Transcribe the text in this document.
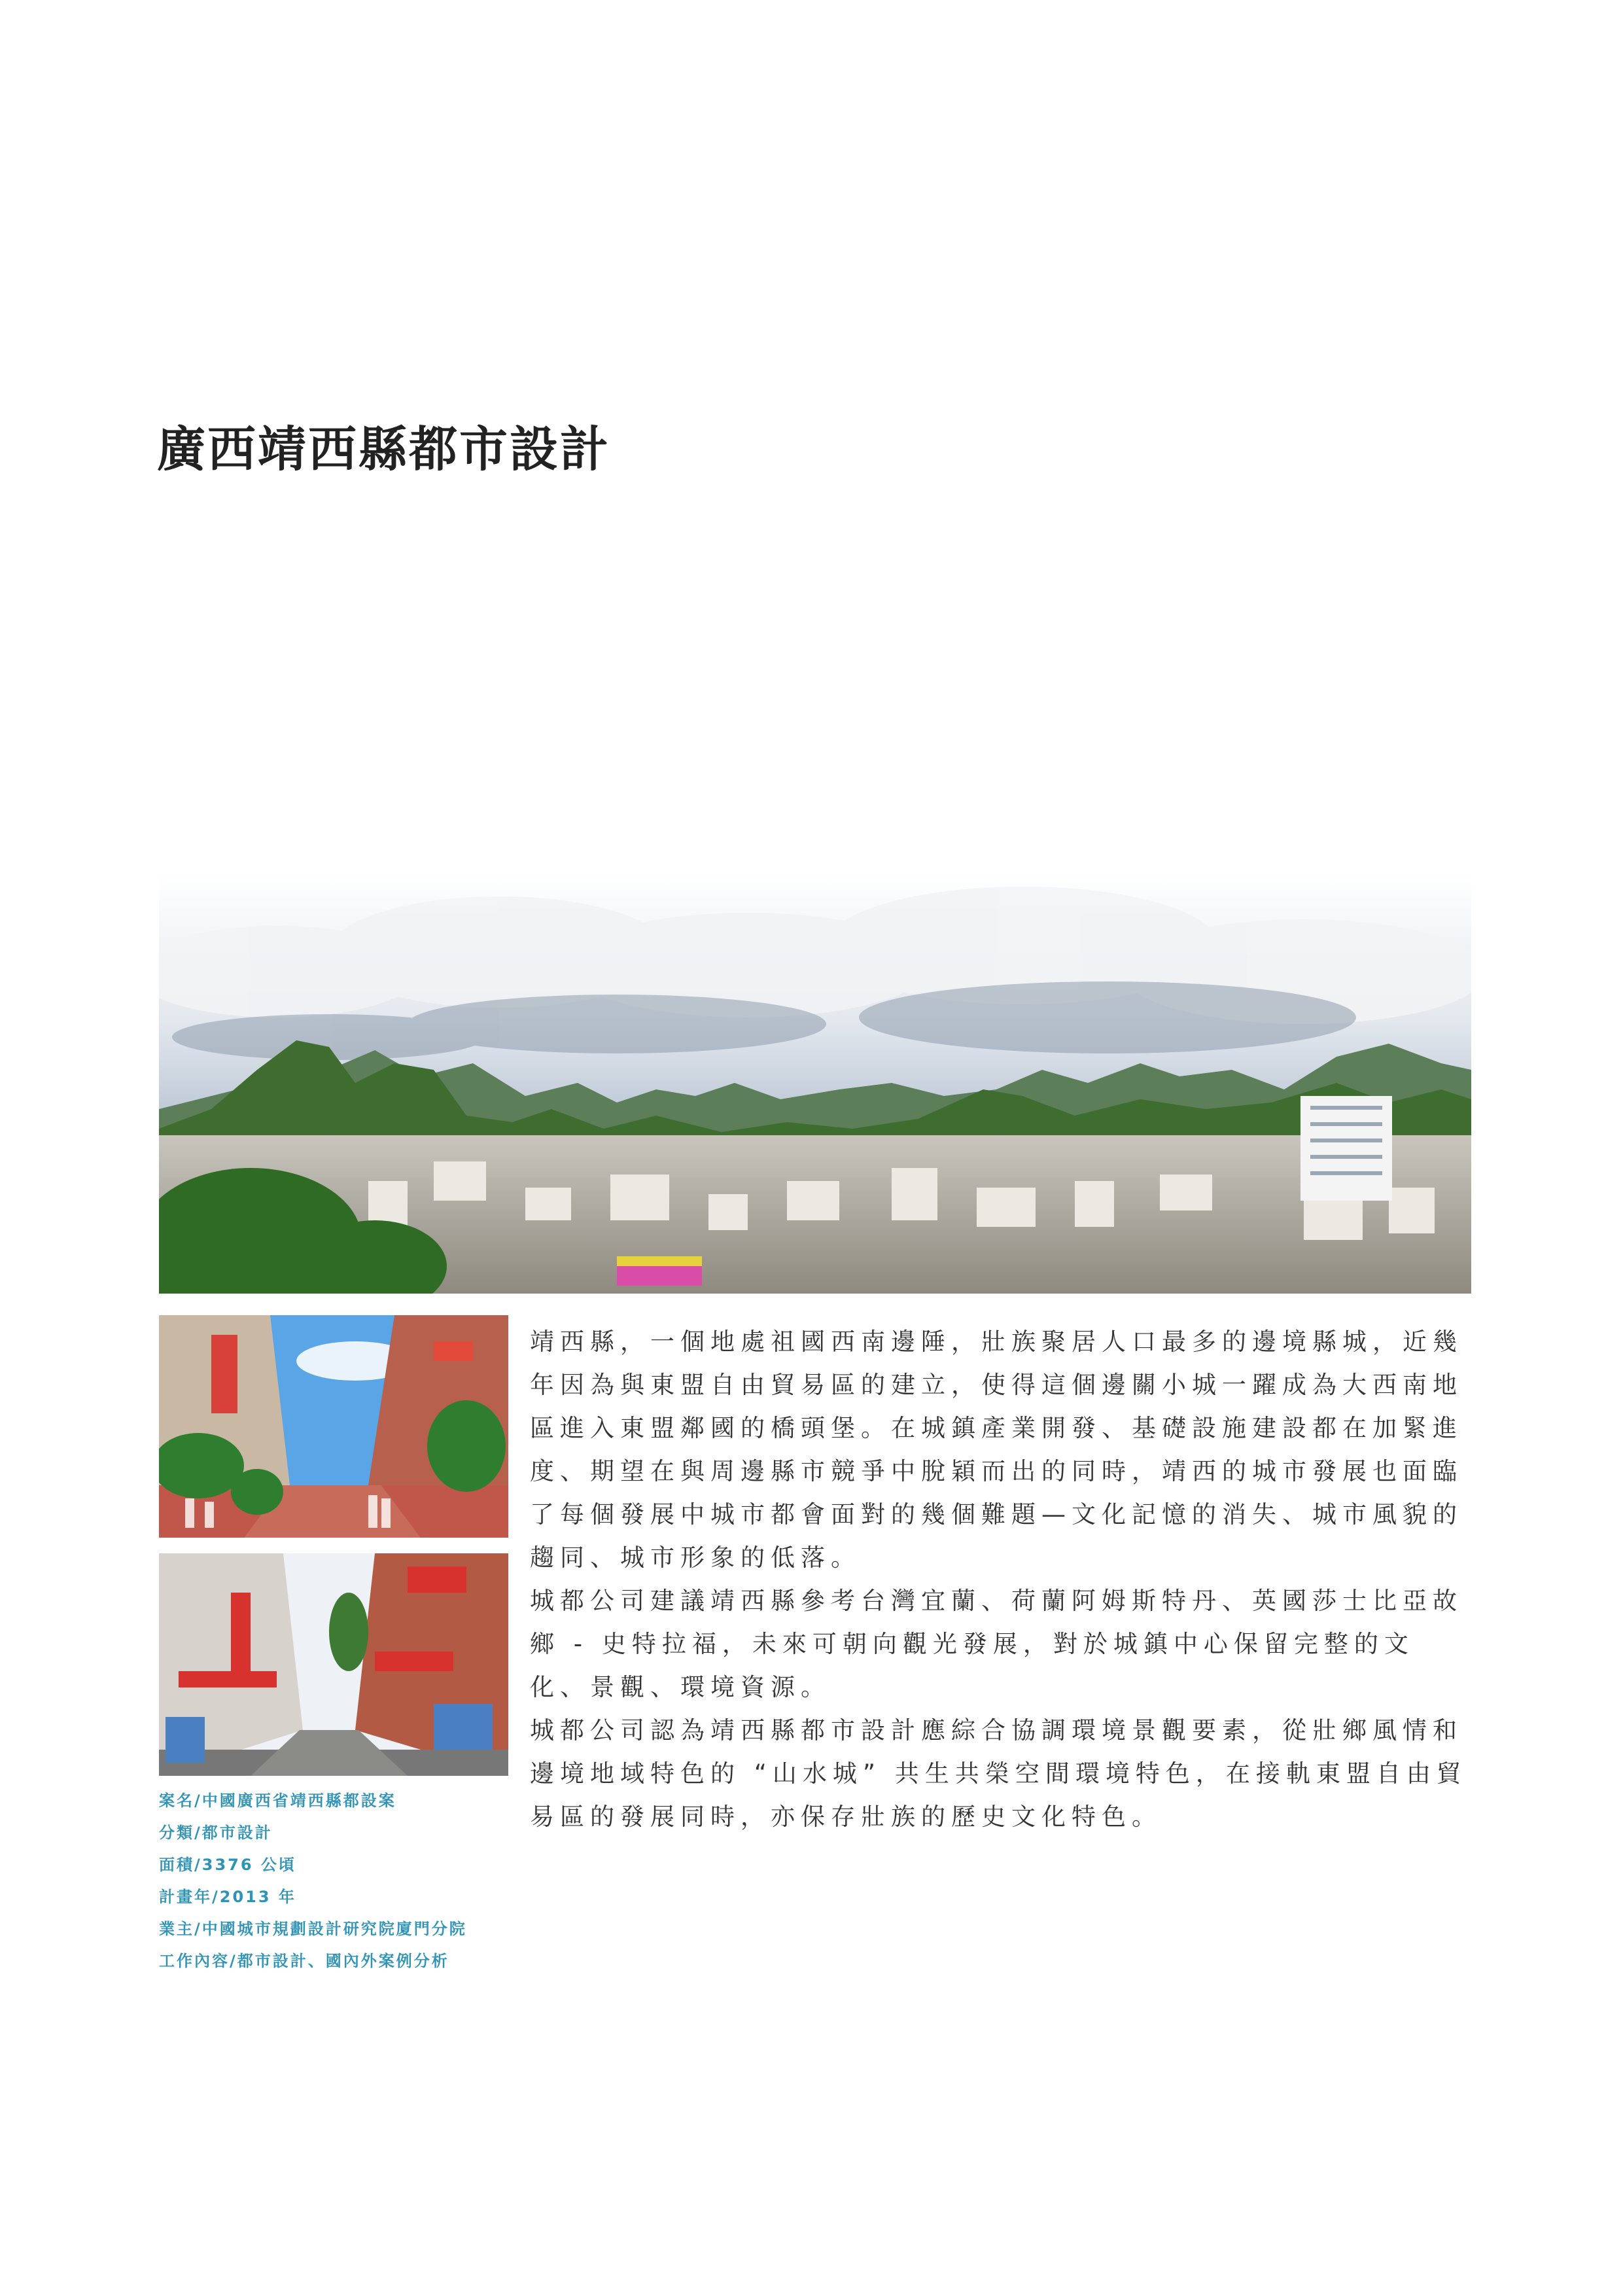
廣西靖西縣都市設計

靖西縣，一個地處祖國西南邊陲，壯族聚居人口最多的邊境縣城，近幾年因為與東盟自由貿易區的建立，使得這個邊關小城一躍成為大西南地區進入東盟鄰國的橋頭堡。在城鎮產業開發、基礎設施建設都在加緊進度、期望在與周邊縣市競爭中脫穎而出的同時，靖西的城市發展也面臨了每個發展中城市都會面對的幾個難題—文化記憶的消失、城市風貌的趨同、城市形象的低落。

城都公司建議靖西縣參考台灣宜蘭、荷蘭阿姆斯特丹、英國莎士比亞故鄉 - 史特拉福，未來可朝向觀光發展，對於城鎮中心保留完整的文化、景觀、環境資源。

城都公司認為靖西縣都市設計應綜合協調環境景觀要素，從壯鄉風情和邊境地域特色的 “山水城” 共生共榮空間環境特色，在接軌東盟自由貿易區的發展同時，亦保存壯族的歷史文化特色。

案名/中國廣西省靖西縣都設案
分類/都市設計
面積/3376 公頃
計畫年/2013 年
業主/中國城市規劃設計研究院廈門分院
工作內容/都市設計、國內外案例分析
